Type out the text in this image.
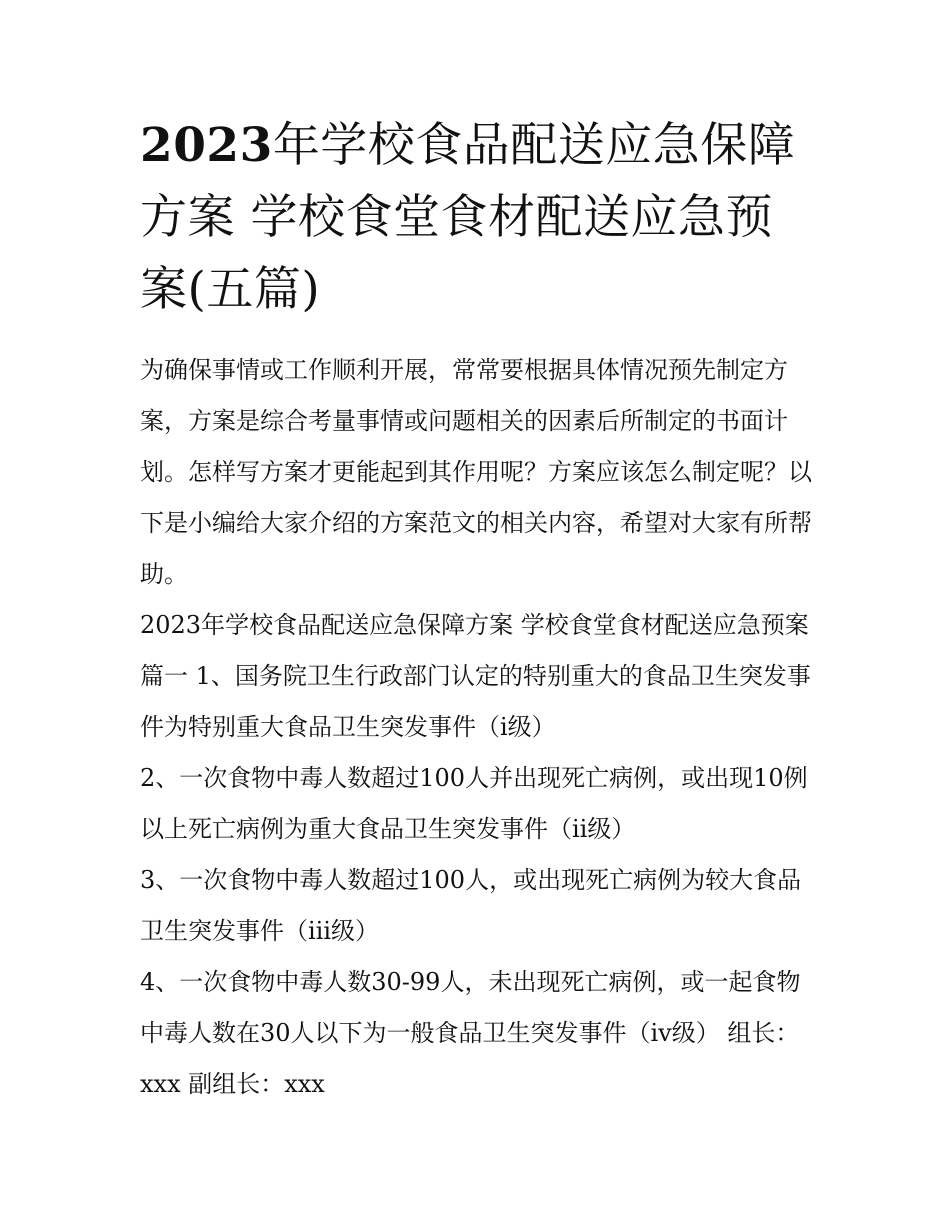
2023年学校食品配送应急保障方案 学校食堂食材配送应急预案(五篇)

为确保事情或工作顺利开展，常常要根据具体情况预先制定方案，方案是综合考量事情或问题相关的因素后所制定的书面计划。怎样写方案才更能起到其作用呢？方案应该怎么制定呢？以下是小编给大家介绍的方案范文的相关内容，希望对大家有所帮助。

2023年学校食品配送应急保障方案 学校食堂食材配送应急预案篇一 1、国务院卫生行政部门认定的特别重大的食品卫生突发事件为特别重大食品卫生突发事件（ⅰ级）

2、一次食物中毒人数超过100人并出现死亡病例，或出现10例以上死亡病例为重大食品卫生突发事件（ⅱ级）

3、一次食物中毒人数超过100人，或出现死亡病例为较大食品卫生突发事件（ⅲ级）

4、一次食物中毒人数30-99人，未出现死亡病例，或一起食物中毒人数在30人以下为一般食品卫生突发事件（ⅳ级） 组长：xxx 副组长：xxx
